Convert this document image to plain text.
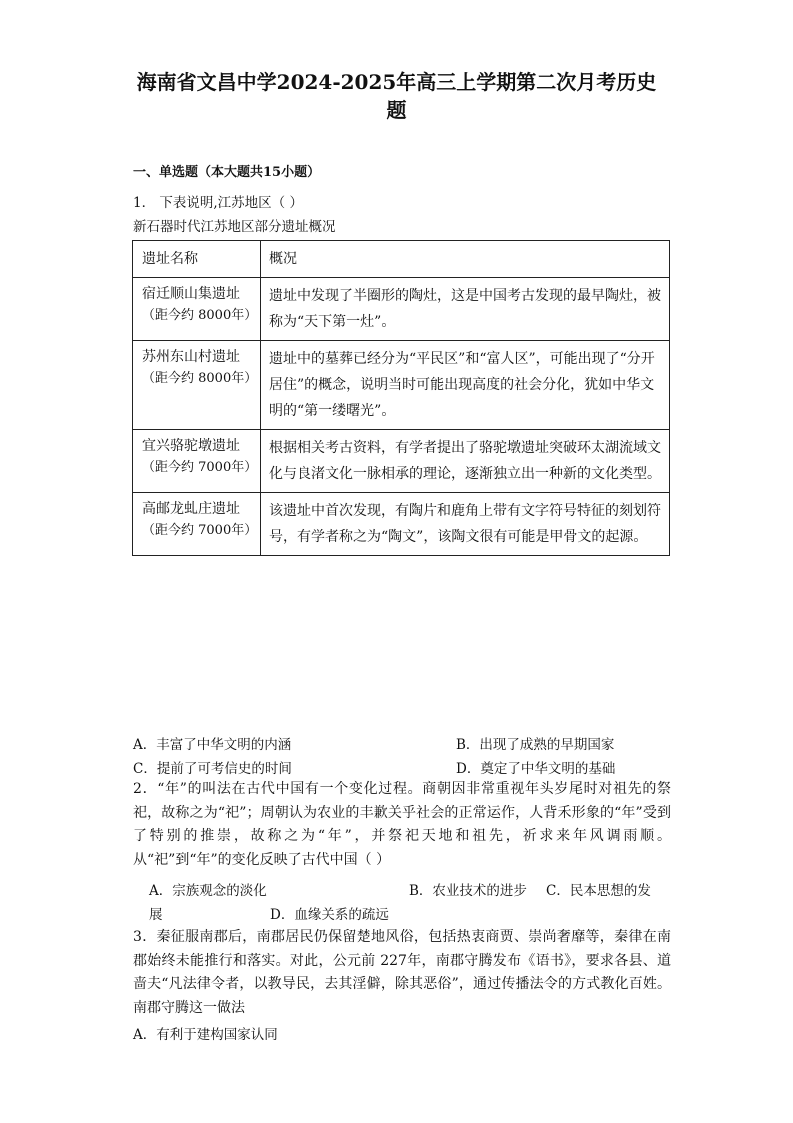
海南省文昌中学2024-2025年高三上学期第二次月考历史
题
一、单选题（本大题共15小题）
1． 下表说明,江苏地区（ ）
新石器时代江苏地区部分遗址概况
遗址名称	概况

宿迁顺山集遗址
（距今约 8000年）	遗址中发现了半圈形的陶灶，这是中国考古发现的最早陶灶，被称为“天下第一灶”。

苏州东山村遗址
（距今约 8000年）	遗址中的墓葬已经分为“平民区”和“富人区”，可能出现了“分开居住”的概念，说明当时可能出现高度的社会分化，犹如中华文明的“第一缕曙光”。

宜兴骆驼墩遗址
（距今约 7000年）	根据相关考古资料，有学者提出了骆驼墩遗址突破环太湖流域文化与良渚文化一脉相承的理论，逐渐独立出一种新的文化类型。

高邮龙虬庄遗址
（距今约 7000年）	该遗址中首次发现，有陶片和鹿角上带有文字符号特征的刻划符号，有学者称之为“陶文”，该陶文很有可能是甲骨文的起源。
A．丰富了中华文明的内涵	B．出现了成熟的早期国家
C．提前了可考信史的时间	D．奠定了中华文明的基础
2．“年”的叫法在古代中国有一个变化过程。商朝因非常重视年头岁尾时对祖先的祭祀，故称之为“祀”；周朝认为农业的丰歉关乎社会的正常运作，人背禾形象的“年”受到了特别的推崇，故称之为“年”，并祭祀天地和祖先，祈求来年风调雨顺。从“祀”到“年”的变化反映了古代中国（ ）
A．宗族观念的淡化	B．农业技术的进步 C．民本思想的发
展	D．血缘关系的疏远
3．秦征服南郡后，南郡居民仍保留楚地风俗，包括热衷商贾、崇尚奢靡等，秦律在南郡始终未能推行和落实。对此，公元前 227年，南郡守腾发布《语书》，要求各县、道啬夫“凡法律令者，以教导民，去其淫僻，除其恶俗”，通过传播法令的方式教化百姓。南郡守腾这一做法
A．有利于建构国家认同
